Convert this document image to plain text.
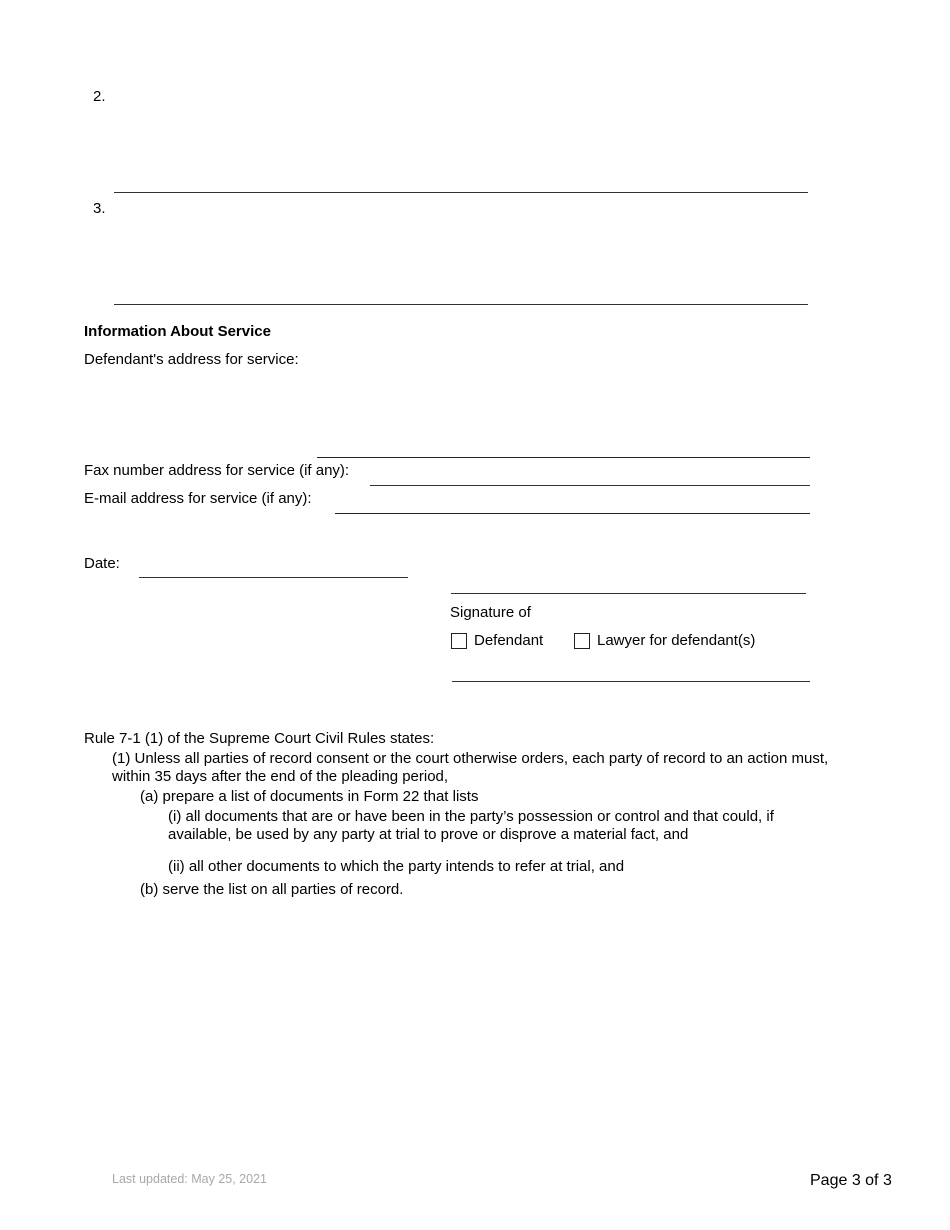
2.
3.
Information About Service
Defendant's address for service:
Fax number address for service (if any):
E-mail address for service (if any):
Date:
Signature of
Defendant	Lawyer for defendant(s)
Rule 7-1 (1) of the Supreme Court Civil Rules states:
(1) Unless all parties of record consent or the court otherwise orders, each party of record to an action must,
within 35 days after the end of the pleading period,
(a) prepare a list of documents in Form 22 that lists
(i) all documents that are or have been in the party’s possession or control and that could, if
available, be used by any party at trial to prove or disprove a material fact, and
(ii) all other documents to which the party intends to refer at trial, and
(b) serve the list on all parties of record.
Last updated: May 25, 2021	Page 3 of 3
